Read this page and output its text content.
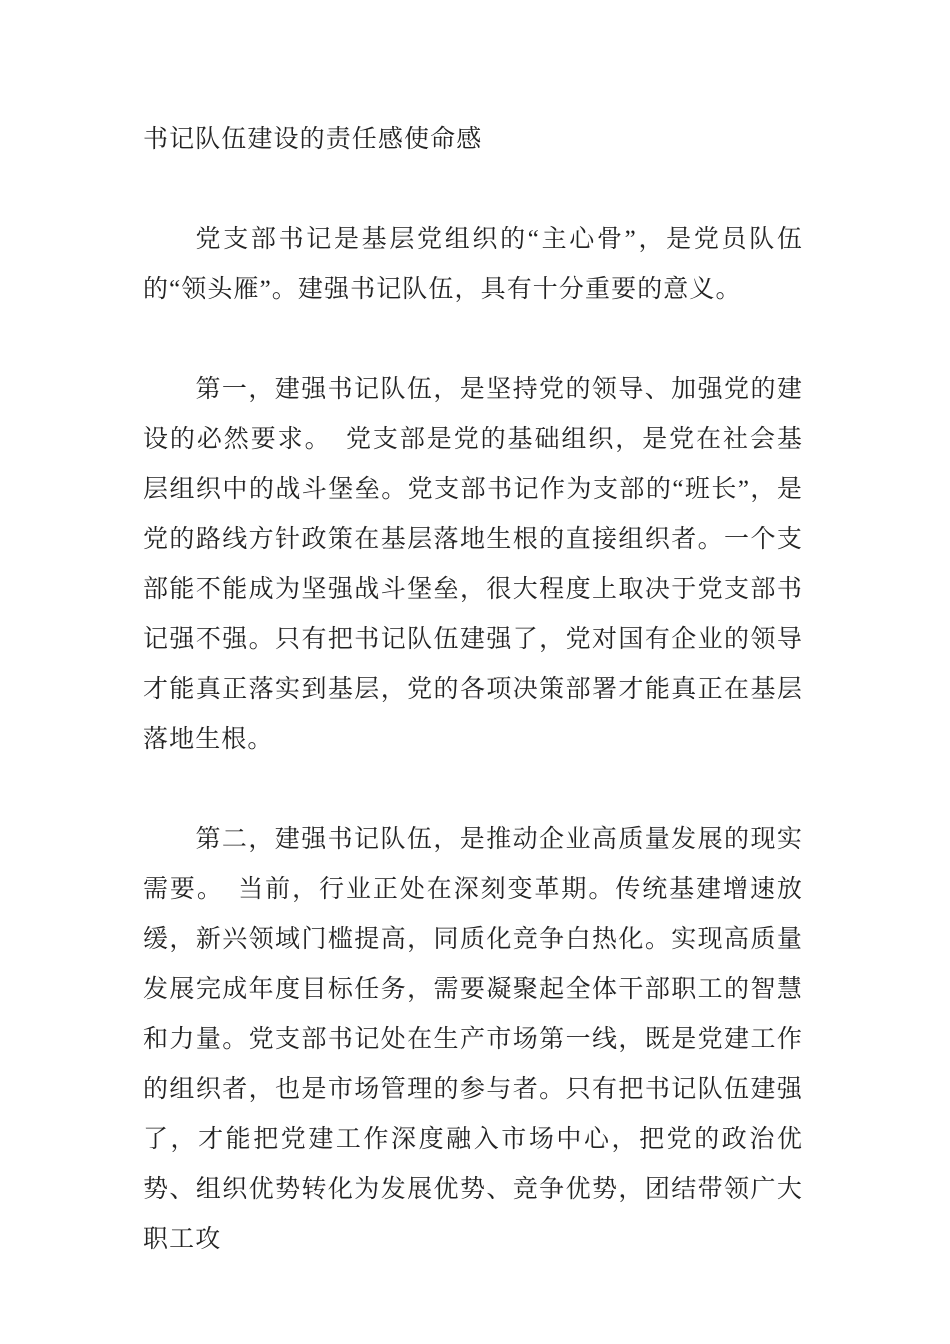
书记队伍建设的责任感使命感

党支部书记是基层党组织的“主心骨”，是党员队伍的“领头雁”。建强书记队伍，具有十分重要的意义。

第一，建强书记队伍，是坚持党的领导、加强党的建设的必然要求。　党支部是党的基础组织，是党在社会基层组织中的战斗堡垒。党支部书记作为支部的“班长”，是党的路线方针政策在基层落地生根的直接组织者。一个支部能不能成为坚强战斗堡垒，很大程度上取决于党支部书记强不强。只有把书记队伍建强了，党对国有企业的领导才能真正落实到基层，党的各项决策部署才能真正在基层落地生根。

第二，建强书记队伍，是推动企业高质量发展的现实需要。　当前，行业正处在深刻变革期。传统基建增速放缓，新兴领域门槛提高，同质化竞争白热化。实现高质量发展完成年度目标任务，需要凝聚起全体干部职工的智慧和力量。党支部书记处在生产市场第一线，既是党建工作的组织者，也是市场管理的参与者。只有把书记队伍建强了，才能把党建工作深度融入市场中心，把党的政治优势、组织优势转化为发展优势、竞争优势，团结带领广大职工攻
